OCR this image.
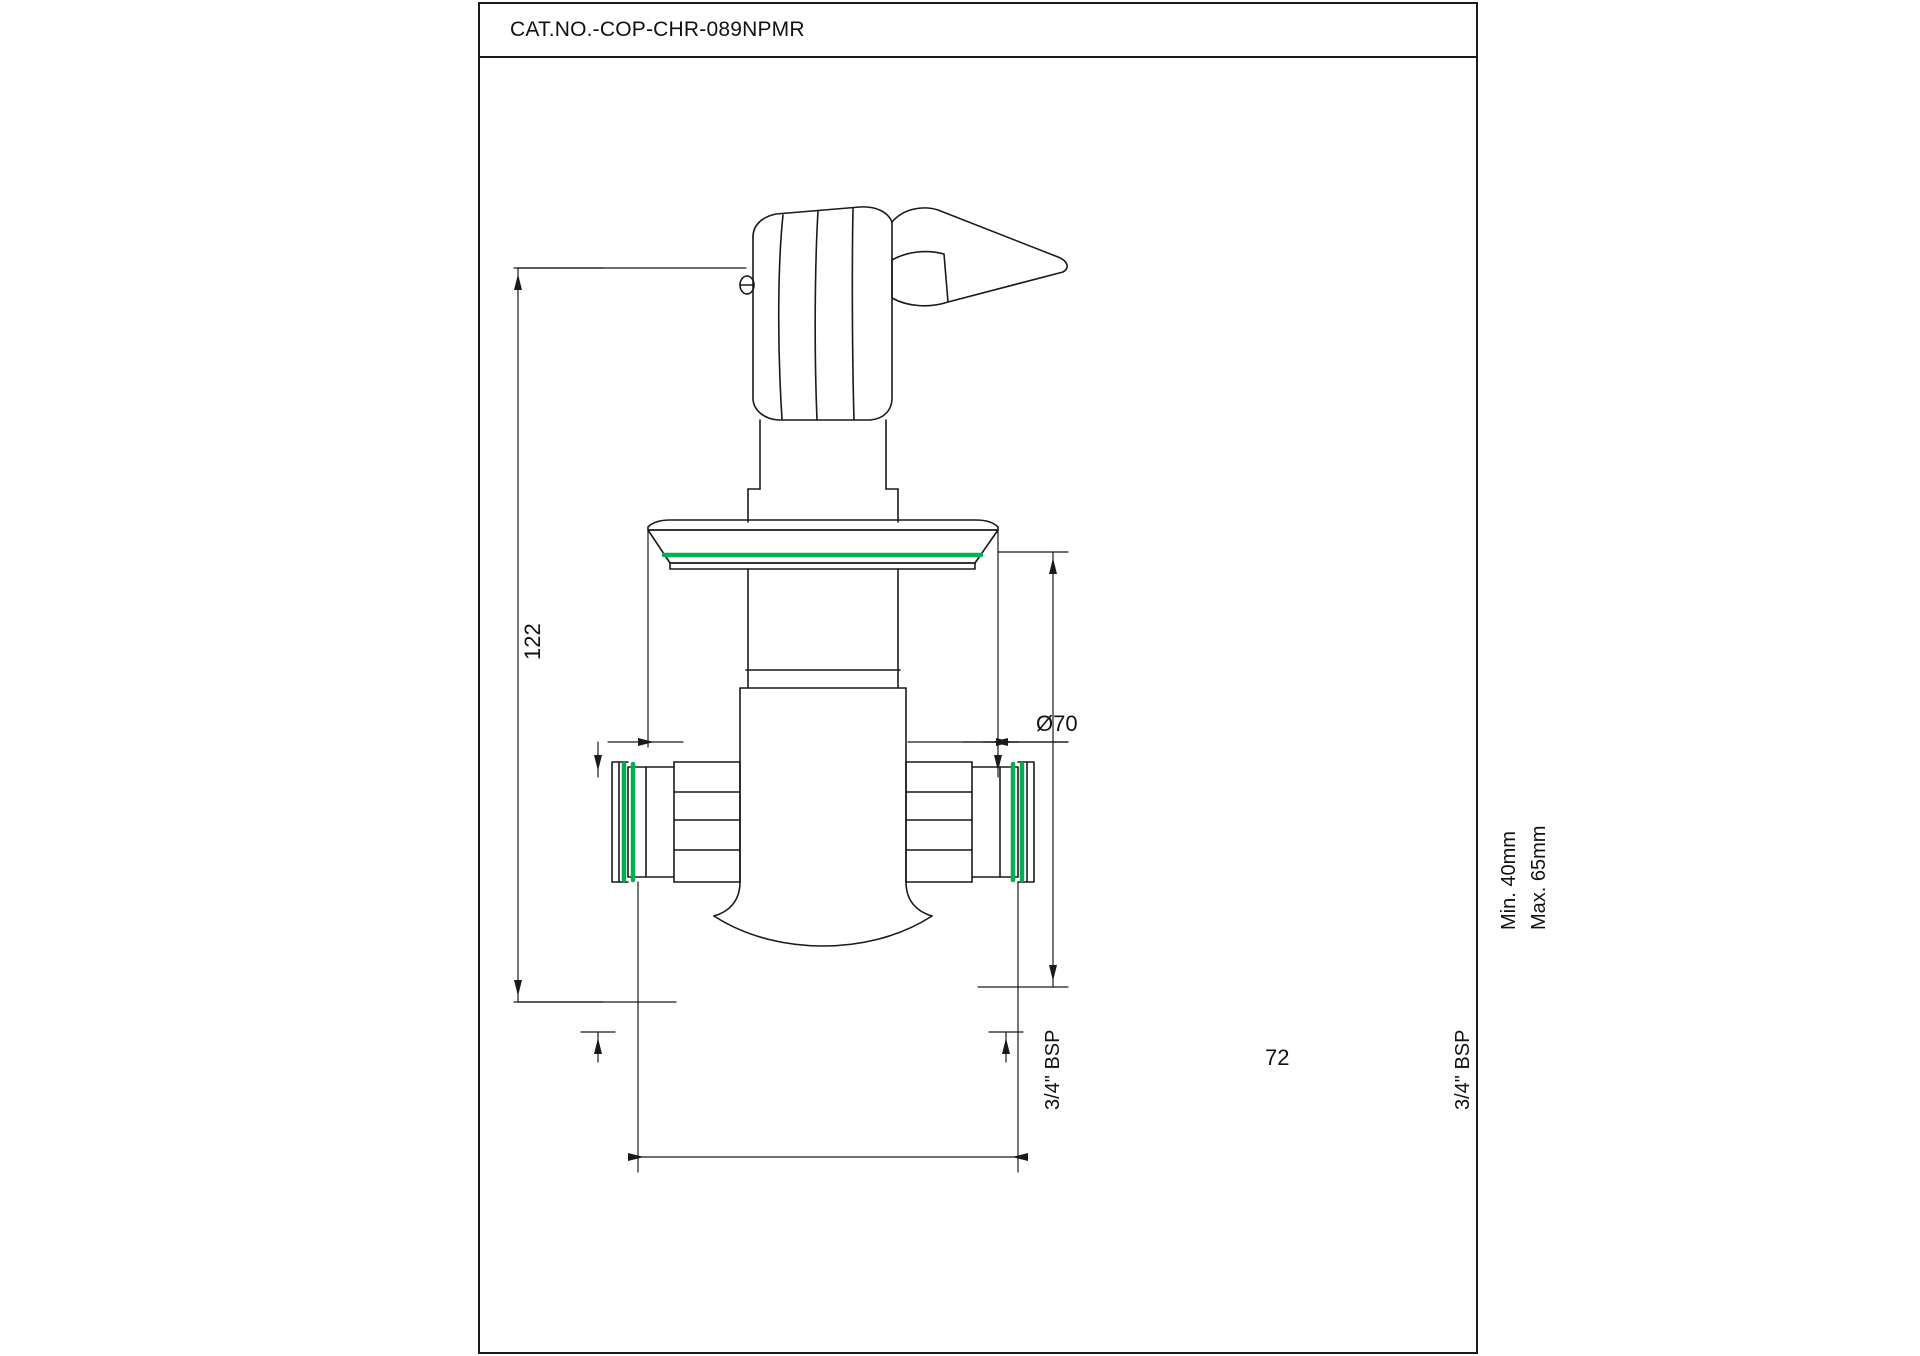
CAT.NO.-COP-CHR-089NPMR
122
Ø70
72
Min. 40mm Max. 65mm
3/4" BSP	3/4" BSP
